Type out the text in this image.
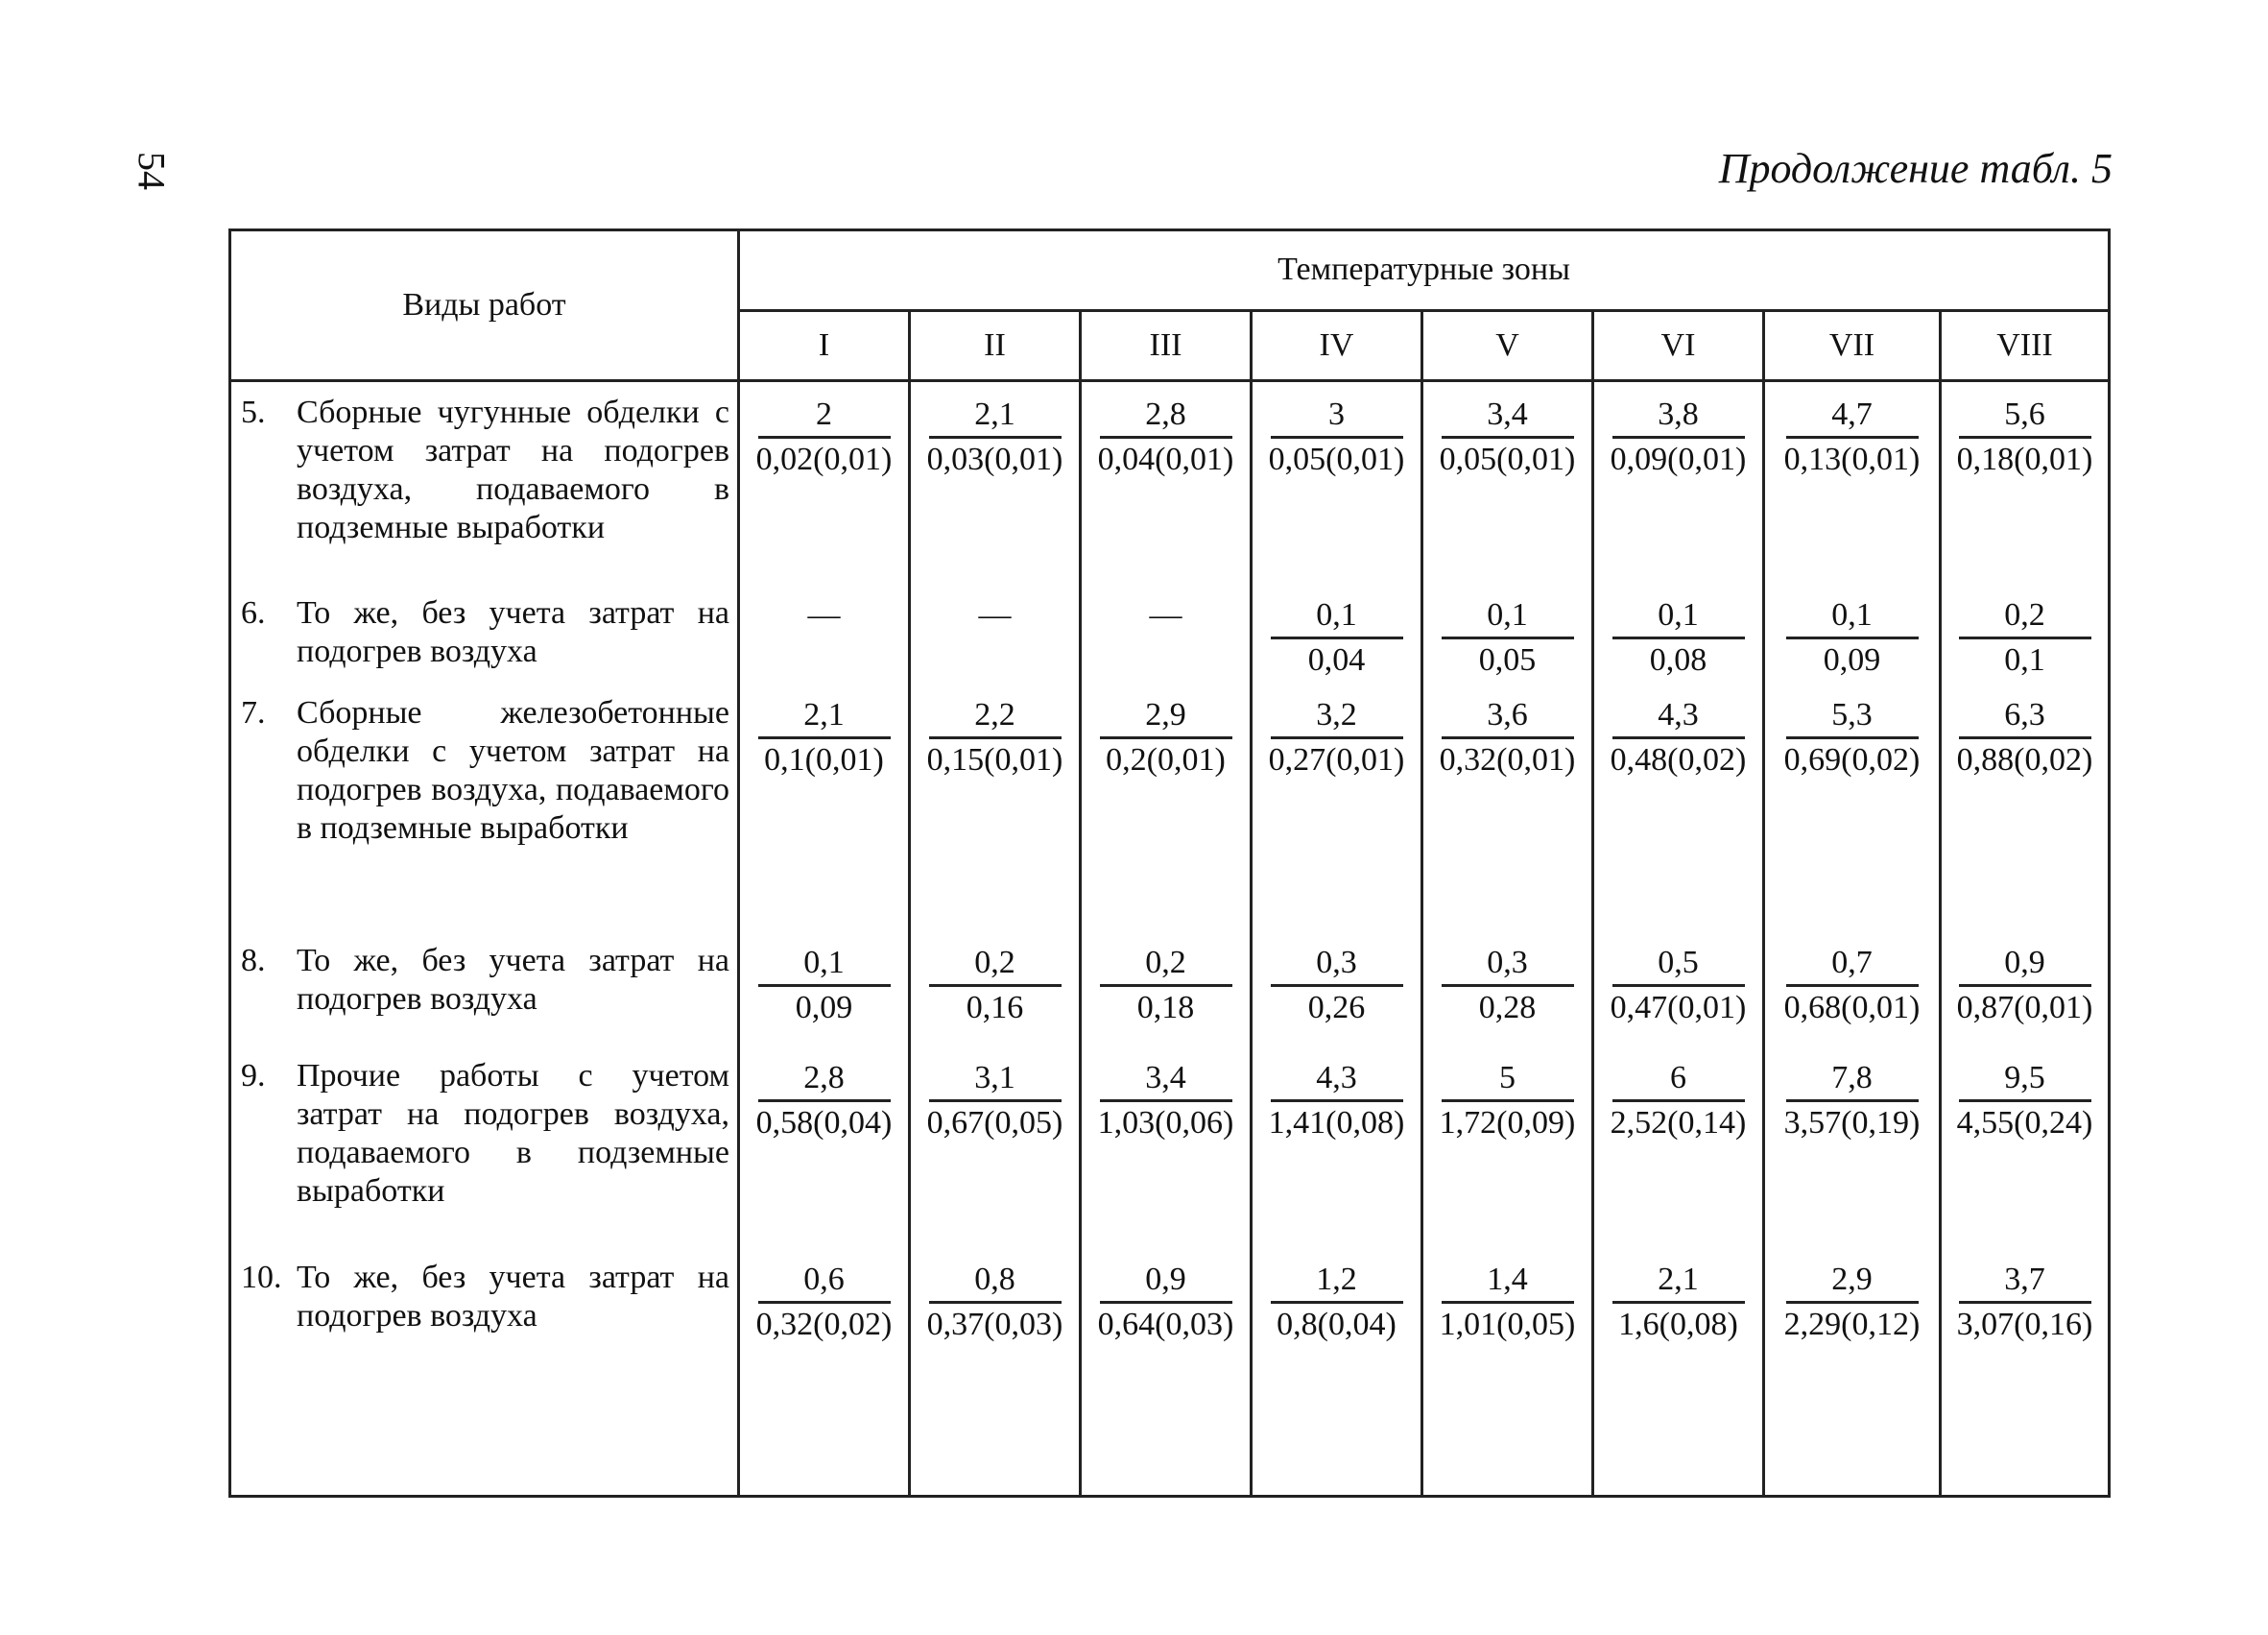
54	Продолжение табл. 5
Виды работ	Температурные зоны							
	I	II	III	IV	V	VI	VII	VIII

5. Сборные чугунные обделки с учетом затрат на подогрев воздуха, подаваемого в подземные выработки	$\frac{2}{0,02(0,01)}$	$\frac{2,1}{0,03(0,01)}$	$\frac{2,8}{0,04(0,01)}$	$\frac{3}{0,05(0,01)}$	$\frac{3,4}{0,05(0,01)}$	$\frac{3,8}{0,09(0,01)}$	$\frac{4,7}{0,13(0,01)}$	$\frac{5,6}{0,18(0,01)}$

6. То же, без учета затрат на подогрев воздуха	—	—	—	$\frac{0,1}{0,04}$	$\frac{0,1}{0,05}$	$\frac{0,1}{0,08}$	$\frac{0,1}{0,09}$	$\frac{0,2}{0,1}$

7. Сборные железобетонные обделки с учетом затрат на подогрев воздуха, подаваемого в подземные выработки	$\frac{2,1}{0,1(0,01)}$	$\frac{2,2}{0,15(0,01)}$	$\frac{2,9}{0,2(0,01)}$	$\frac{3,2}{0,27(0,01)}$	$\frac{3,6}{0,32(0,01)}$	$\frac{4,3}{0,48(0,02)}$	$\frac{5,3}{0,69(0,02)}$	$\frac{6,3}{0,88(0,02)}$

8. То же, без учета затрат на подогрев воздуха	$\frac{0,1}{0,09}$	$\frac{0,2}{0,16}$	$\frac{0,2}{0,18}$	$\frac{0,3}{0,26}$	$\frac{0,3}{0,28}$	$\frac{0,5}{0,47(0,01)}$	$\frac{0,7}{0,68(0,01)}$	$\frac{0,9}{0,87(0,01)}$

9. Прочие работы с учетом затрат на подогрев воздуха, подаваемого в подземные выработки	$\frac{2,8}{0,58(0,04)}$	$\frac{3,1}{0,67(0,05)}$	$\frac{3,4}{1,03(0,06)}$	$\frac{4,3}{1,41(0,08)}$	$\frac{5}{1,72(0,09)}$	$\frac{6}{2,52(0,14)}$	$\frac{7,8}{3,57(0,19)}$	$\frac{9,5}{4,55(0,24)}$

10. То же, без учета затрат на подогрев воздуха	$\frac{0,6}{0,32(0,02)}$	$\frac{0,8}{0,37(0,03)}$	$\frac{0,9}{0,64(0,03)}$	$\frac{1,2}{0,8(0,04)}$	$\frac{1,4}{1,01(0,05)}$	$\frac{2,1}{1,6(0,08)}$	$\frac{2,9}{2,29(0,12)}$	$\frac{3,7}{3,07(0,16)}$
